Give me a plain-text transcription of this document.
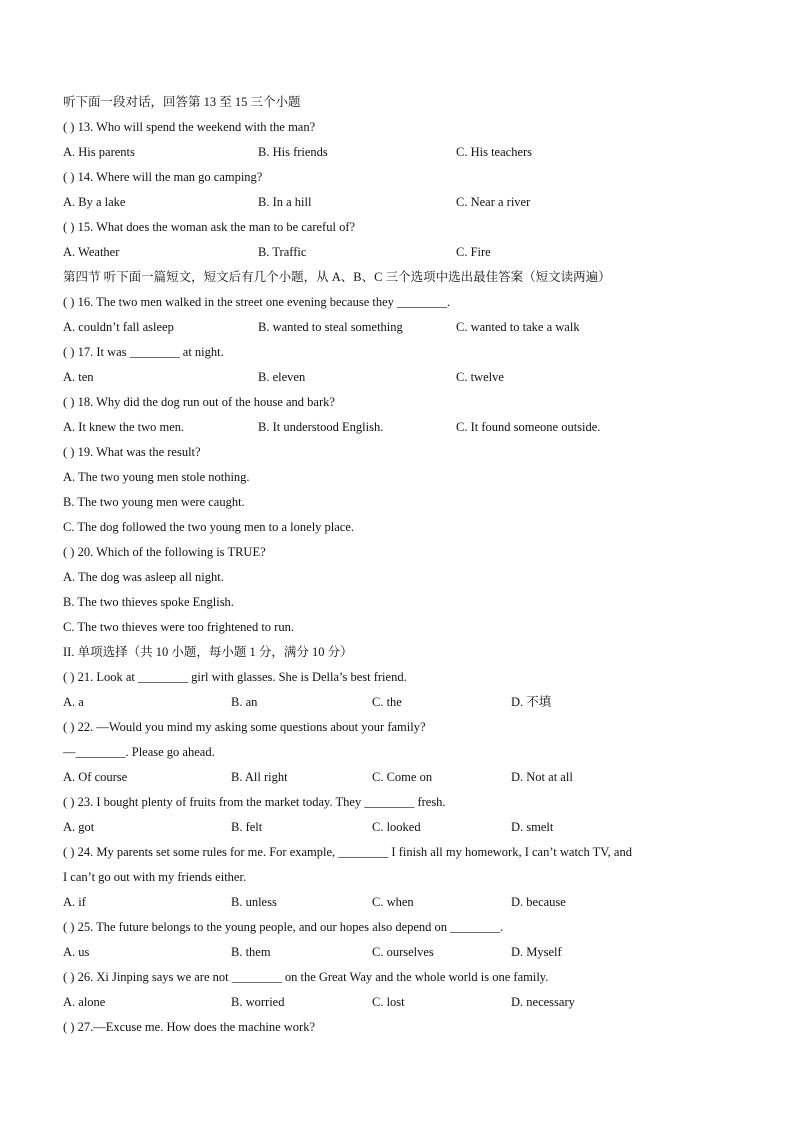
听下面一段对话，回答第 13 至 15 三个小题
( ) 13. Who will spend the weekend with the man?
A. His parents	B. His friends	C. His teachers
( ) 14. Where will the man go camping?
A. By a lake	B. In a hill	C. Near a river
( ) 15. What does the woman ask the man to be careful of?
A. Weather	B. Traffic	C. Fire
第四节 听下面一篇短文，短文后有几个小题，从 A、B、C 三个选项中选出最佳答案（短文读两遍）
( ) 16. The two men walked in the street one evening because they ________.
A. couldn’t fall asleep	B. wanted to steal something	C. wanted to take a walk
( ) 17. It was ________ at night.
A. ten	B. eleven	C. twelve
( ) 18. Why did the dog run out of the house and bark?
A. It knew the two men.	B. It understood English.	C. It found someone outside.
( ) 19. What was the result?
A. The two young men stole nothing.
B. The two young men were caught.
C. The dog followed the two young men to a lonely place.
( ) 20. Which of the following is TRUE?
A. The dog was asleep all night.
B. The two thieves spoke English.
C. The two thieves were too frightened to run.
II. 单项选择（共 10 小题，每小题 1 分，满分 10 分）
( ) 21. Look at ________ girl with glasses. She is Della’s best friend.
A. a	B. an	C. the	D. 不填
( ) 22. —Would you mind my asking some questions about your family?
—________. Please go ahead.
A. Of course	B. All right	C. Come on	D. Not at all
( ) 23. I bought plenty of fruits from the market today. They ________ fresh.
A. got	B. felt	C. looked	D. smelt
( ) 24. My parents set some rules for me. For example, ________ I finish all my homework, I can’t watch TV, and
I can’t go out with my friends either.
A. if	B. unless	C. when	D. because
( ) 25. The future belongs to the young people, and our hopes also depend on ________.
A. us	B. them	C. ourselves	D. Myself
( ) 26. Xi Jinping says we are not ________ on the Great Way and the whole world is one family.
A. alone	B. worried	C. lost	D. necessary
( ) 27.—Excuse me. How does the machine work?
